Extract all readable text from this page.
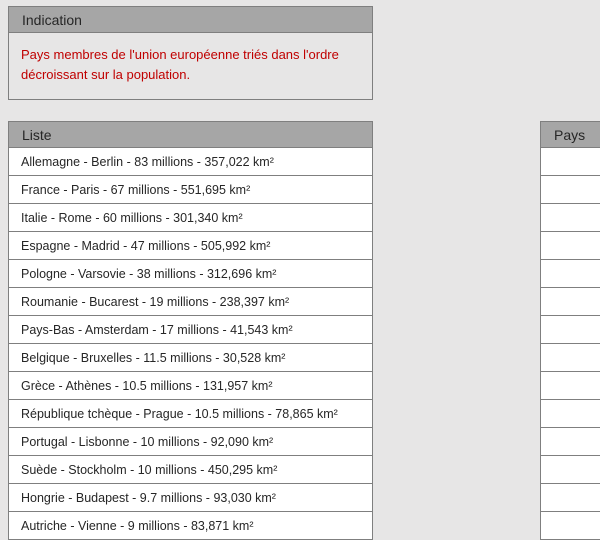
Indication
Pays membres de l'union européenne triés dans l'ordre décroissant sur la population.
Liste
Allemagne - Berlin - 83 millions - 357,022 km²
France - Paris - 67 millions - 551,695 km²
Italie - Rome - 60 millions - 301,340 km²
Espagne - Madrid - 47 millions - 505,992 km²
Pologne - Varsovie - 38 millions - 312,696 km²
Roumanie - Bucarest - 19 millions - 238,397 km²
Pays-Bas - Amsterdam - 17 millions - 41,543 km²
Belgique - Bruxelles - 11.5 millions - 30,528 km²
Grèce - Athènes - 10.5 millions - 131,957 km²
République tchèque - Prague - 10.5 millions - 78,865 km²
Portugal - Lisbonne - 10 millions - 92,090 km²
Suède - Stockholm - 10 millions - 450,295 km²
Hongrie - Budapest - 9.7 millions - 93,030 km²
Autriche - Vienne - 9 millions - 83,871 km²
Pays
